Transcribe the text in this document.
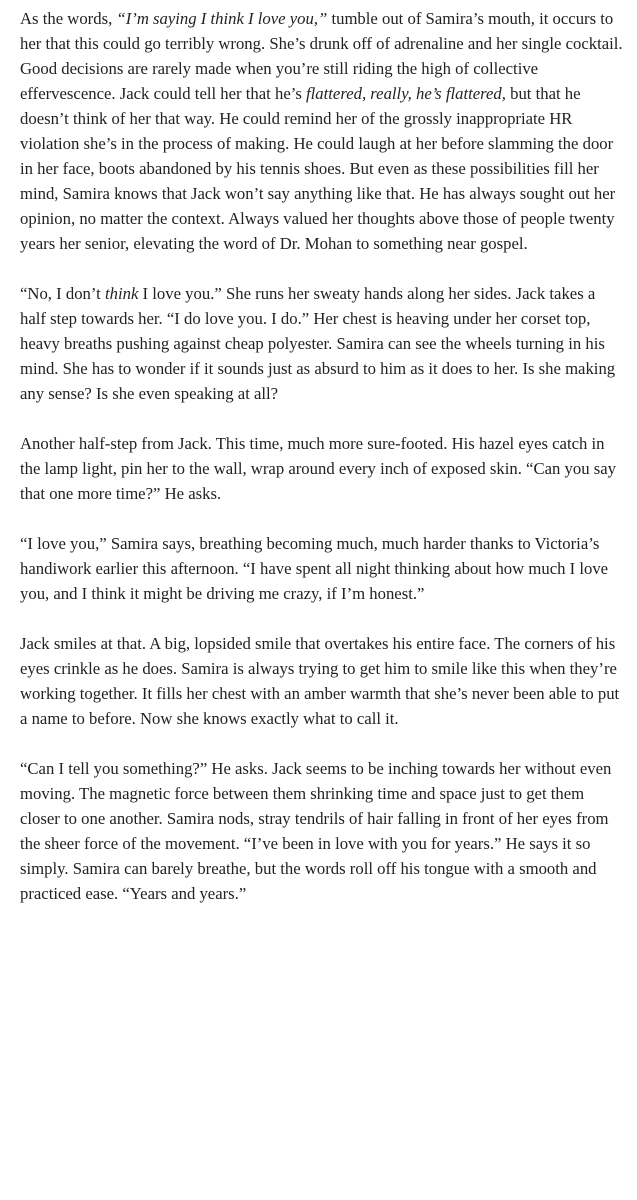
As the words, “I’m saying I think I love you,” tumble out of Samira’s mouth, it occurs to her that this could go terribly wrong. She’s drunk off of adrenaline and her single cocktail. Good decisions are rarely made when you’re still riding the high of collective effervescence. Jack could tell her that he’s flattered, really, he’s flattered, but that he doesn’t think of her that way. He could remind her of the grossly inappropriate HR violation she’s in the process of making. He could laugh at her before slamming the door in her face, boots abandoned by his tennis shoes. But even as these possibilities fill her mind, Samira knows that Jack won’t say anything like that. He has always sought out her opinion, no matter the context. Always valued her thoughts above those of people twenty years her senior, elevating the word of Dr. Mohan to something near gospel.

“No, I don’t think I love you.” She runs her sweaty hands along her sides. Jack takes a half step towards her. “I do love you. I do.” Her chest is heaving under her corset top, heavy breaths pushing against cheap polyester. Samira can see the wheels turning in his mind. She has to wonder if it sounds just as absurd to him as it does to her. Is she making any sense? Is she even speaking at all?

Another half-step from Jack. This time, much more sure-footed. His hazel eyes catch in the lamp light, pin her to the wall, wrap around every inch of exposed skin. “Can you say that one more time?” He asks.

“I love you,” Samira says, breathing becoming much, much harder thanks to Victoria’s handiwork earlier this afternoon. “I have spent all night thinking about how much I love you, and I think it might be driving me crazy, if I’m honest.”

Jack smiles at that. A big, lopsided smile that overtakes his entire face. The corners of his eyes crinkle as he does. Samira is always trying to get him to smile like this when they’re working together. It fills her chest with an amber warmth that she’s never been able to put a name to before. Now she knows exactly what to call it.

“Can I tell you something?” He asks. Jack seems to be inching towards her without even moving. The magnetic force between them shrinking time and space just to get them closer to one another. Samira nods, stray tendrils of hair falling in front of her eyes from the sheer force of the movement. “I’ve been in love with you for years.” He says it so simply. Samira can barely breathe, but the words roll off his tongue with a smooth and practiced ease. “Years and years.”
